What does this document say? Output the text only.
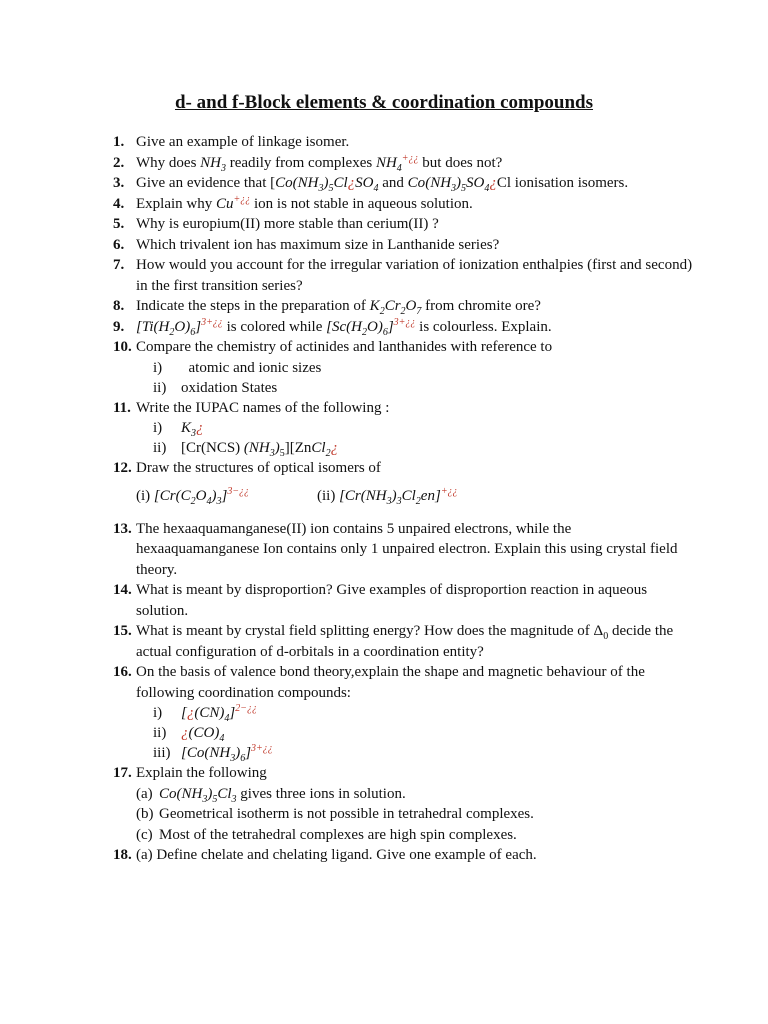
d- and f-Block elements & coordination compounds
1. Give an example of linkage isomer.
2. Why does $NH_3$ readily from complexes $NH_4^{+¿¿}$ but does not?
3. Give an evidence that [$Co(NH_3)_5Cl¿SO_4$ and $Co(NH_3)_5SO_4¿Cl$ ionisation isomers.
4. Explain why Cu+¿¿ ion is not stable in aqueous solution.
5. Why is europium(II) more stable than cerium(II) ?
6. Which trivalent ion has maximum size in Lanthanide series?
7. How would you account for the irregular variation of ionization enthalpies (first and second) in the first transition series?
8. Indicate the steps in the preparation of $K_2Cr_2O_7$ from chromite ore?
9. $[Ti(H_2O)_6]^{3+¿¿}$ is colored while $[Sc(H_2O)_6]^{3+¿¿}$ is colourless. Explain.
10. Compare the chemistry of actinides and lanthanides with reference to
i)	atomic and ionic sizes
ii) oxidation States
11. Write the IUPAC names of the following :
i)	$K_3¿$
ii) [Cr(NCS) $(NH_3)_5][ZnCl_2¿$
12. Draw the structures of optical isomers of
(i) $[Cr(C_2O_4)_3]^{3-¿¿}$	(ii) $[Cr(NH_3)_3Cl_2en]^{+¿¿}$
13. The hexaaquamanganese(II) ion contains 5 unpaired electrons, while the hexaaquamanganese Ion contains only 1 unpaired electron. Explain this using crystal field theory.
14. What is meant by disproportion? Give examples of disproportion reaction in aqueous solution.
15. What is meant by crystal field splitting energy? How does the magnitude of $\Delta_0$ decide the actual configuration of d-orbitals in a coordination entity?
16. On the basis of valence bond theory,explain the shape and magnetic behaviour of the following coordination compounds:
i)	$[¿(CN)_4]^{2-¿¿}$
ii) ¿$(CO)_4$
iii) $[Co(NH_3)_6]^{3+¿¿}$
17. Explain the following
(a) $Co(NH_3)_5Cl_3$ gives three ions in solution.
(b) Geometrical isotherm is not possible in tetrahedral complexes.
(c) Most of the tetrahedral complexes are high spin complexes.
18. (a) Define chelate and chelating ligand. Give one example of each.
